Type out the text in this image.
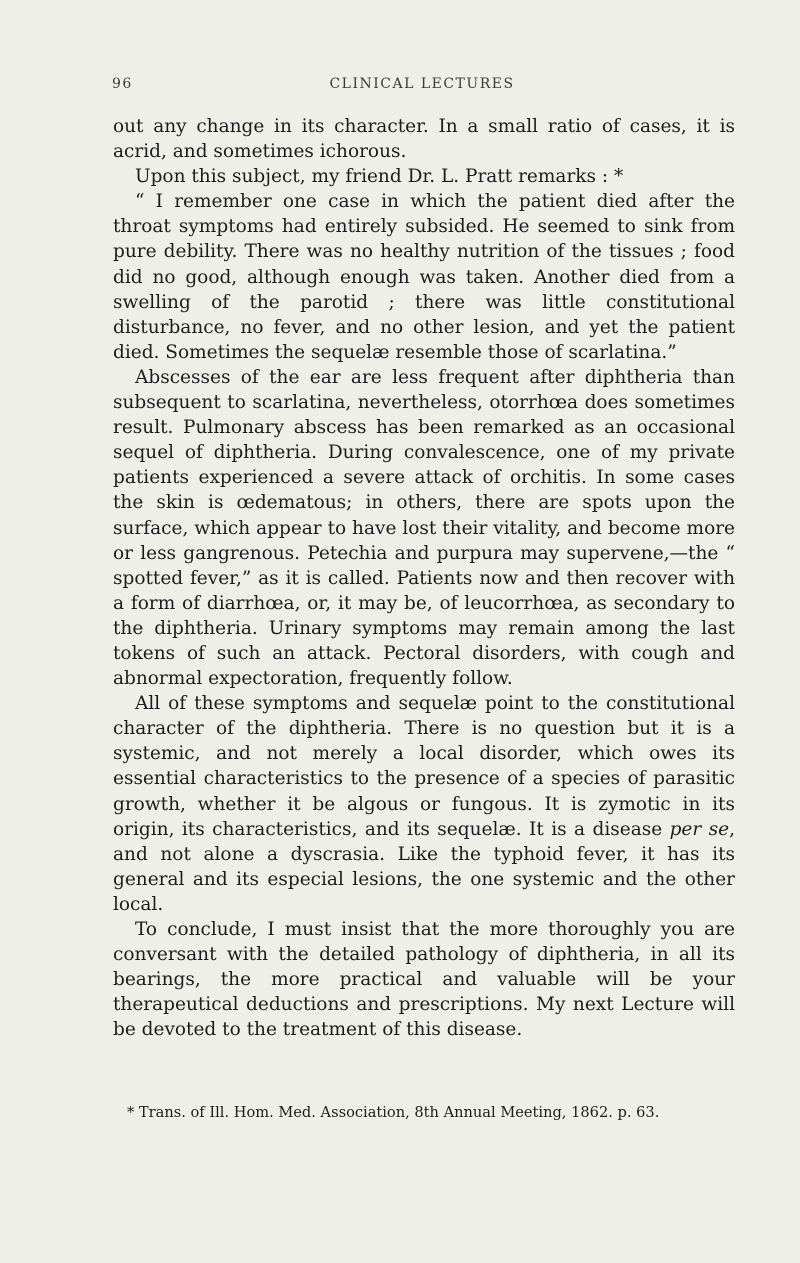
96	CLINICAL LECTURES

out any change in its character. In a small ratio of cases, it is acrid, and sometimes ichorous.

Upon this subject, my friend Dr. L. Pratt remarks : *

“ I remember one case in which the patient died after the throat symptoms had entirely subsided. He seemed to sink from pure debility. There was no healthy nutrition of the tissues ; food did no good, although enough was taken. Another died from a swelling of the parotid ; there was little constitutional disturbance, no fever, and no other lesion, and yet the patient died. Sometimes the sequelæ resemble those of scarlatina.”

Abscesses of the ear are less frequent after diphtheria than subsequent to scarlatina, nevertheless, otorrhœa does sometimes result. Pulmonary abscess has been remarked as an occasional sequel of diphtheria. During convalescence, one of my private patients experienced a severe attack of orchitis. In some cases the skin is œdematous; in others, there are spots upon the surface, which appear to have lost their vitality, and become more or less gangrenous. Petechia and purpura may supervene,—the “ spotted fever,” as it is called. Patients now and then recover with a form of diarrhœa, or, it may be, of leucorrhœa, as secondary to the diphtheria. Urinary symptoms may remain among the last tokens of such an attack. Pectoral disorders, with cough and abnormal expectoration, frequently follow.

All of these symptoms and sequelæ point to the constitutional character of the diphtheria. There is no question but it is a systemic, and not merely a local disorder, which owes its essential characteristics to the presence of a species of parasitic growth, whether it be algous or fungous. It is zymotic in its origin, its characteristics, and its sequelæ. It is a disease per se, and not alone a dyscrasia. Like the typhoid fever, it has its general and its especial lesions, the one systemic and the other local.

To conclude, I must insist that the more thoroughly you are conversant with the detailed pathology of diphtheria, in all its bearings, the more practical and valuable will be your therapeutical deductions and prescriptions. My next Lecture will be devoted to the treatment of this disease.

* Trans. of Ill. Hom. Med. Association, 8th Annual Meeting, 1862. p. 63.
